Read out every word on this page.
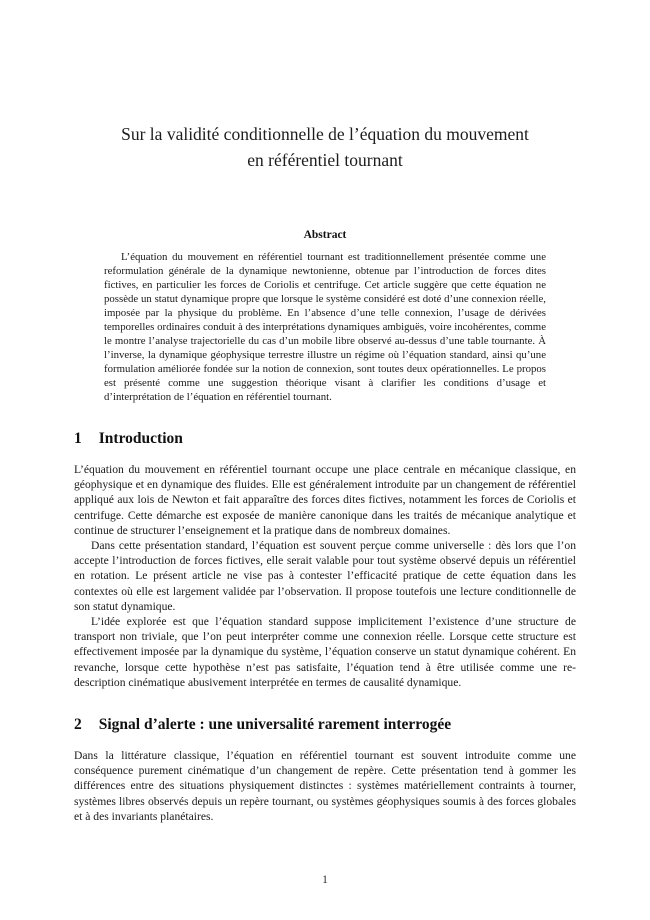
Sur la validité conditionnelle de l’équation du mouvement
en référentiel tournant
Abstract

L’équation du mouvement en référentiel tournant est traditionnellement présentée comme une reformulation générale de la dynamique newtonienne, obtenue par l’introduction de forces dites fictives, en particulier les forces de Coriolis et centrifuge. Cet article suggère que cette équation ne possède un statut dynamique propre que lorsque le système considéré est doté d’une connexion réelle, imposée par la physique du problème. En l’absence d’une telle connexion, l’usage de dérivées temporelles ordinaires conduit à des interprétations dynamiques ambiguës, voire incohérentes, comme le montre l’analyse trajectorielle du cas d’un mobile libre observé au-dessus d’une table tournante. À l’inverse, la dynamique géophysique terrestre illustre un régime où l’équation standard, ainsi qu’une formulation améliorée fondée sur la notion de connexion, sont toutes deux opérationnelles. Le propos est présenté comme une suggestion théorique visant à clarifier les conditions d’usage et d’interprétation de l’équation en référentiel tournant.

1 Introduction

L’équation du mouvement en référentiel tournant occupe une place centrale en mécanique classique, en géophysique et en dynamique des fluides. Elle est généralement introduite par un changement de référentiel appliqué aux lois de Newton et fait apparaître des forces dites fictives, notamment les forces de Coriolis et centrifuge. Cette démarche est exposée de manière canonique dans les traités de mécanique analytique et continue de structurer l’enseignement et la pratique dans de nombreux domaines.

Dans cette présentation standard, l’équation est souvent perçue comme universelle : dès lors que l’on accepte l’introduction de forces fictives, elle serait valable pour tout système observé depuis un référentiel en rotation. Le présent article ne vise pas à contester l’efficacité pratique de cette équation dans les contextes où elle est largement validée par l’observation. Il propose toutefois une lecture conditionnelle de son statut dynamique.

L’idée explorée est que l’équation standard suppose implicitement l’existence d’une structure de transport non triviale, que l’on peut interpréter comme une connexion réelle. Lorsque cette structure est effectivement imposée par la dynamique du système, l’équation conserve un statut dynamique cohérent. En revanche, lorsque cette hypothèse n’est pas satisfaite, l’équation tend à être utilisée comme une re-description cinématique abusivement interprétée en termes de causalité dynamique.

2 Signal d’alerte : une universalité rarement interrogée

Dans la littérature classique, l’équation en référentiel tournant est souvent introduite comme une conséquence purement cinématique d’un changement de repère. Cette présentation tend à gommer les différences entre des situations physiquement distinctes : systèmes matériellement contraints à tourner, systèmes libres observés depuis un repère tournant, ou systèmes géophysiques soumis à des forces globales et à des invariants planétaires.

1
